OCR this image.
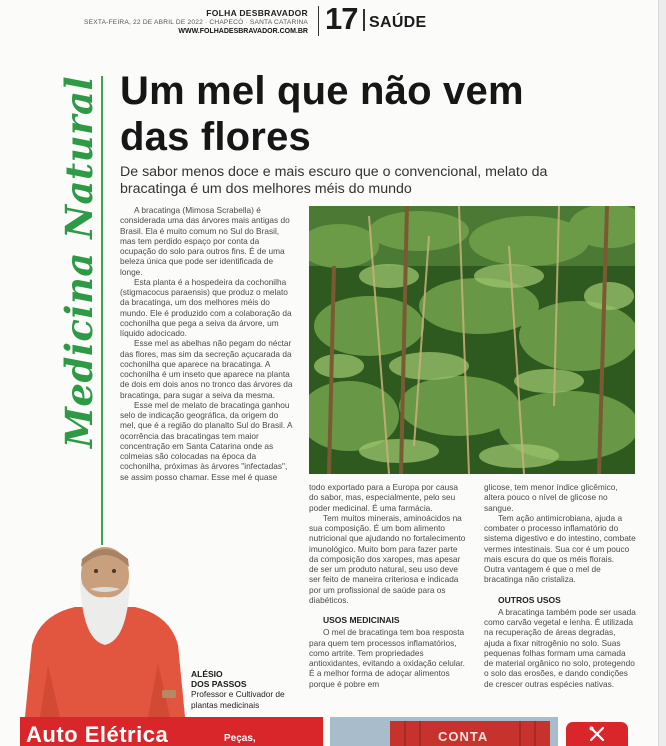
FOLHA DESBRAVADOR
SEXTA-FEIRA, 22 DE ABRIL DE 2022 · CHAPECÓ · SANTA CATARINA
WWW.FOLHADESBRAVADOR.COM.BR 17 SAÚDE
Medicina Natural Um mel que não vem das flores
De sabor menos doce e mais escuro que o convencional, melato da bracatinga é um dos melhores méis do mundo

A bracatinga (Mimosa Scrabella) é considerada uma das árvores mais antigas do Brasil. Ela é muito comum no Sul do Brasil, mas tem perdido espaço por conta da ocupação do solo para outros fins. É de uma beleza única que pode ser identificada de longe.

Esta planta é a hospedeira da cochonilha (stigmacocus paraensis) que produz o melato da bracatinga, um dos melhores méis do mundo. Ele é produzido com a colaboração da cochonilha que pega a seiva da árvore, um líquido adocicado.

Esse mel as abelhas não pegam do néctar das flores, mas sim da secreção açucarada da cochonilha que aparece na bracatinga. A cochonilha é um inseto que aparece na planta de dois em dois anos no tronco das árvores da bracatinga, para sugar a seiva da mesma.

Esse mel de melato de bracatinga ganhou selo de indicação geográfica, da origem do mel, que é a região do planalto Sul do Brasil. A ocorrência das bracatingas tem maior concentração em Santa Catarina onde as colmeias são colocadas na época da cochonilha, próximas às árvores "infectadas", se assim posso chamar. Esse mel é quase

todo exportado para a Europa por causa do sabor, mas, especialmente, pelo seu poder medicinal. É uma farmácia.

Tem muitos minerais, aminoácidos na sua composição. É um bom alimento nutricional que ajudando no fortalecimento imunológico. Muito bom para fazer parte da composição dos xaropes, mas apesar de ser um produto natural, seu uso deve ser feito de maneira criteriosa e indicada por um profissional de saúde para os diabéticos.

USOS MEDICINAIS

O mel de bracatinga tem boa resposta para quem tem processos inflamatórios, como artrite. Tem propriedades antioxidantes, evitando a oxidação celular. É a melhor forma de adoçar alimentos porque é pobre em

glicose, tem menor índice glicêmico, altera pouco o nível de glicose no sangue.

Tem ação antimicrobiana, ajuda a combater o processo inflamatório do sistema digestivo e do intestino, combate vermes intestinais. Sua cor é um pouco mais escura do que os méis florais. Outra vantagem é que o mel de bracatinga não cristaliza.

OUTROS USOS

A bracatinga também pode ser usada como carvão vegetal e lenha. É utilizada na recuperação de áreas degradas, ajuda a fixar nitrogênio no solo. Suas pequenas folhas formam uma camada de material orgânico no solo, protegendo o solo das erosões, e dando condições de crescer outras espécies nativas.

ALÉSIO
DOS PASSOS
Professor e Cultivador de plantas medicinais
Auto Elétrica	Peças,	CONTA
